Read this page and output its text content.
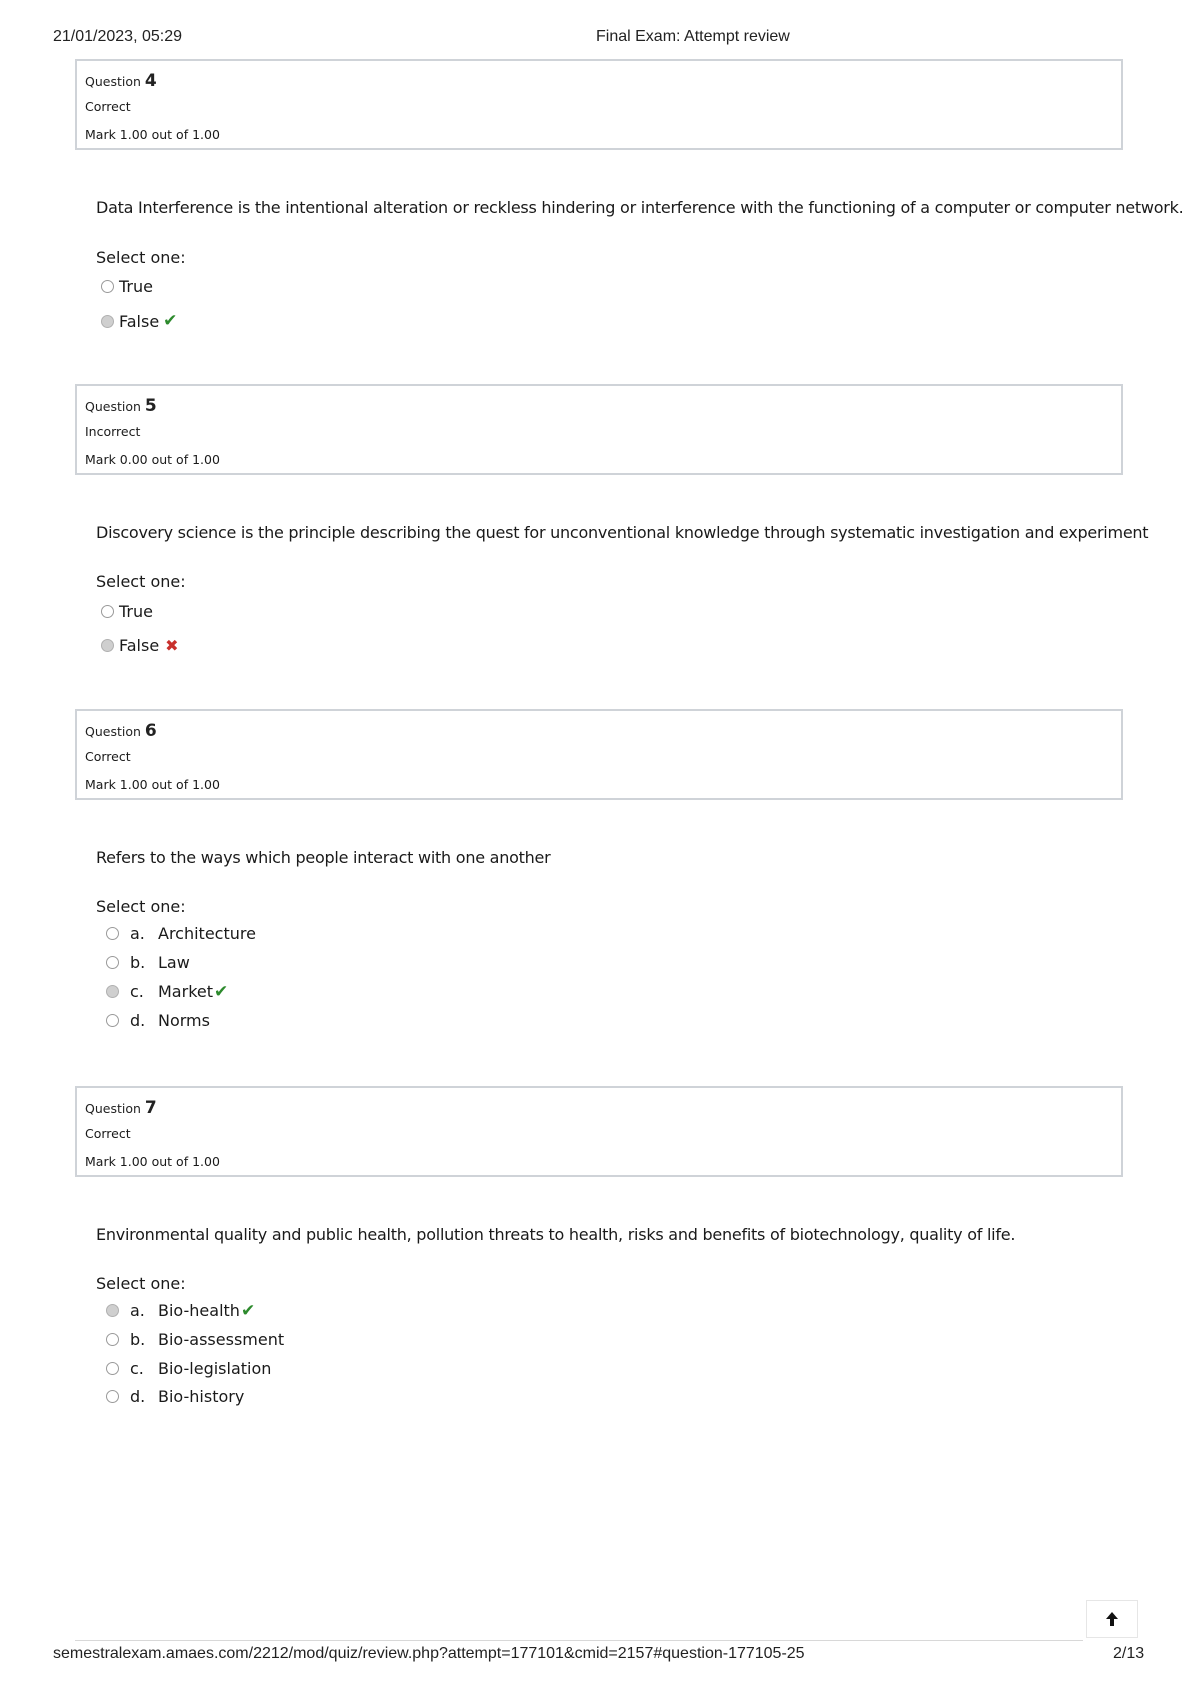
21/01/2023, 05:29	Final Exam: Attempt review
Question 4
Correct
Mark 1.00 out of 1.00
Data Interference is the intentional alteration or reckless hindering or interference with the functioning of a computer or computer network.
Select one:
True
False ✔
Question 5
Incorrect
Mark 0.00 out of 1.00
Discovery science is the principle describing the quest for unconventional knowledge through systematic investigation and experiment
Select one:
True
False ✖
Question 6
Correct
Mark 1.00 out of 1.00
Refers to the ways which people interact with one another
Select one:
a. Architecture
b. Law
c. Market✔
d. Norms
Question 7
Correct
Mark 1.00 out of 1.00
Environmental quality and public health, pollution threats to health, risks and benefits of biotechnology, quality of life.
Select one:
a. Bio-health✔
b. Bio-assessment
c. Bio-legislation
d. Bio-history
semestralexam.amaes.com/2212/mod/quiz/review.php?attempt=177101&cmid=2157#question-177105-25	2/13
